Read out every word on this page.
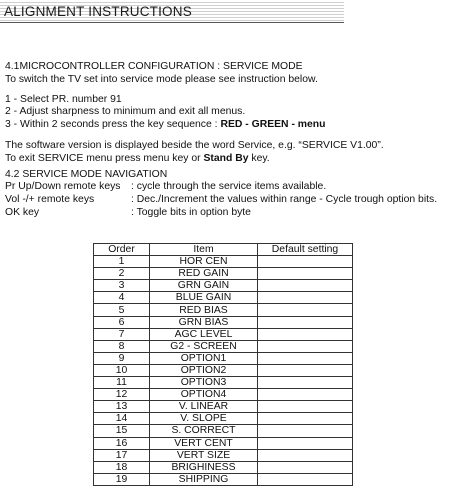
ALIGNMENT INSTRUCTIONS

4.1MICROCONTROLLER CONFIGURATION : SERVICE MODE

To switch the TV set into service mode please see instruction below.

1 - Select PR. number 91

2 - Adjust sharpness to minimum and exit all menus.

3 - Within 2 seconds press the key sequence : RED - GREEN - menu

The software version is displayed beside the word Service, e.g. “SERVICE V1.00”.

To exit SERVICE menu press menu key or Stand By key.

4.2 SERVICE MODE NAVIGATION

Pr Up/Down remote keys	: cycle through the service items available.
Vol -/+ remote keys	: Dec./Increment the values within range - Cycle trough option bits.
OK key	: Toggle bits in option byte
Order	Item	Default setting
1	HOR CEN	
2	RED GAIN	
3	GRN GAIN	
4	BLUE GAIN	
5	RED BIAS	
6	GRN BIAS	
7	AGC LEVEL	
8	G2 - SCREEN	
9	OPTION1	
10	OPTION2	
11	OPTION3	
12	OPTION4	
13	V. LINEAR	
14	V. SLOPE	
15	S. CORRECT	
16	VERT CENT	
17	VERT SIZE	
18	BRIGHINESS	
19	SHIPPING	
